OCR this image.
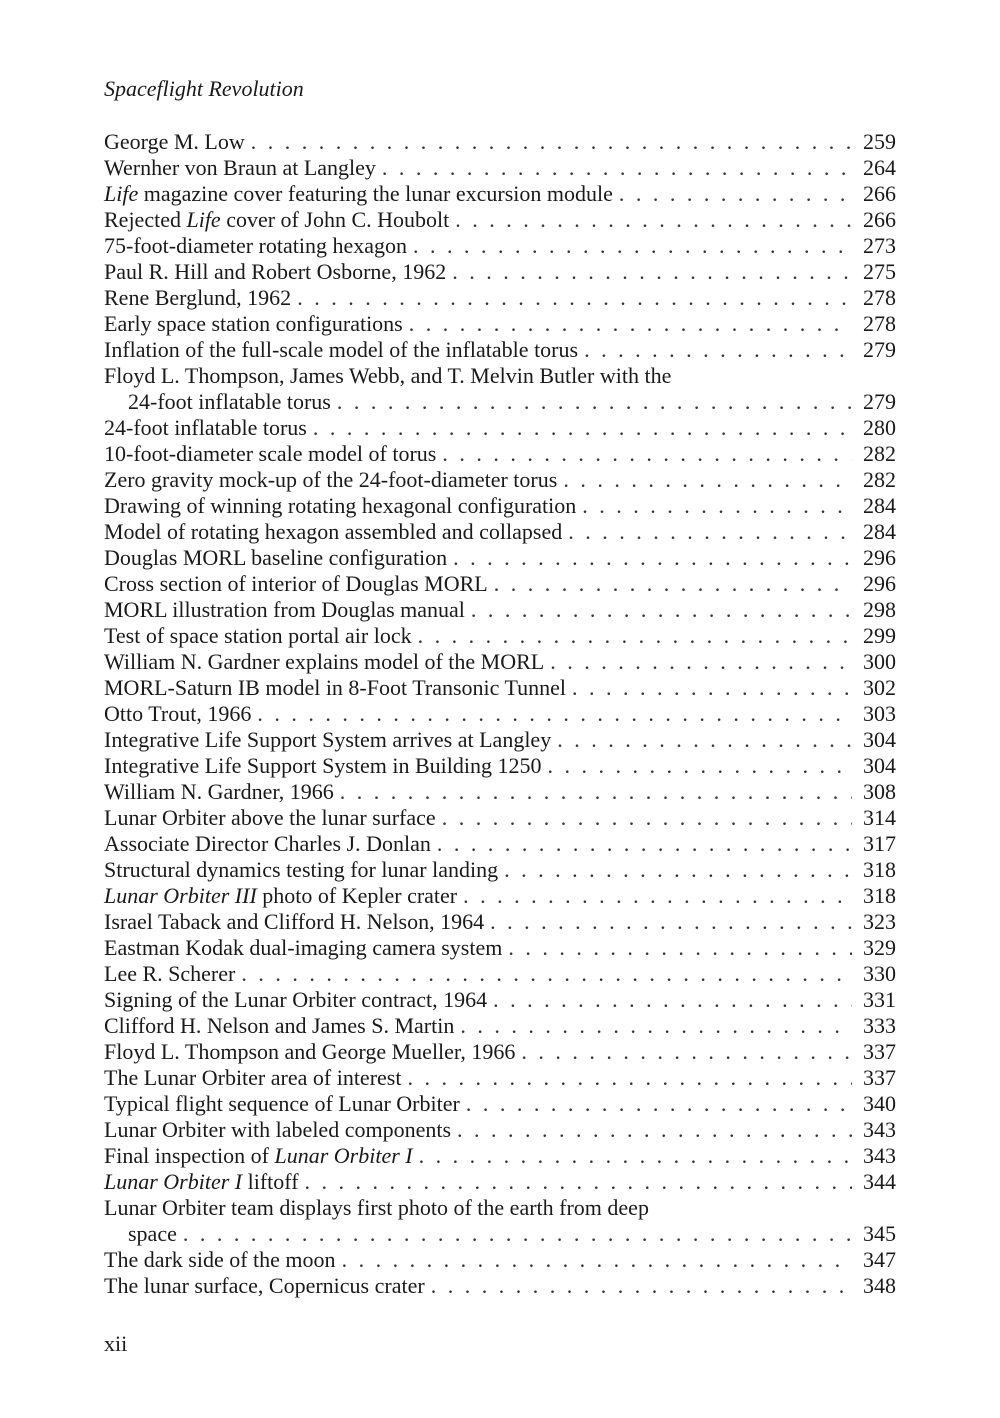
Spaceflight Revolution
George M. Low . . .	259
Wernher von Braun at Langley . . .	264
Life magazine cover featuring the lunar excursion module . . .	266
Rejected Life cover of John C. Houbolt . . .	266
75-foot-diameter rotating hexagon . . .	273
Paul R. Hill and Robert Osborne, 1962 . . .	275
Rene Berglund, 1962 . . .	278
Early space station configurations . . .	278
Inflation of the full-scale model of the inflatable torus . . .	279
Floyd L. Thompson, James Webb, and T. Melvin Butler with the
24-foot inflatable torus . . .	279
24-foot inflatable torus . . .	280
10-foot-diameter scale model of torus . . .	282
Zero gravity mock-up of the 24-foot-diameter torus . . .	282
Drawing of winning rotating hexagonal configuration . . .	284
Model of rotating hexagon assembled and collapsed . . .	284
Douglas MORL baseline configuration . . .	296
Cross section of interior of Douglas MORL . . .	296
MORL illustration from Douglas manual . . .	298
Test of space station portal air lock . . .	299
William N. Gardner explains model of the MORL . . .	300
MORL-Saturn IB model in 8-Foot Transonic Tunnel . . .	302
Otto Trout, 1966 . . .	303
Integrative Life Support System arrives at Langley . . .	304
Integrative Life Support System in Building 1250 . . .	304
William N. Gardner, 1966 . . .	308
Lunar Orbiter above the lunar surface . . .	314
Associate Director Charles J. Donlan . . .	317
Structural dynamics testing for lunar landing . . .	318
Lunar Orbiter III photo of Kepler crater . . .	318
Israel Taback and Clifford H. Nelson, 1964 . . .	323
Eastman Kodak dual-imaging camera system . . .	329
Lee R. Scherer . . .	330
Signing of the Lunar Orbiter contract, 1964 . . .	331
Clifford H. Nelson and James S. Martin . . .	333
Floyd L. Thompson and George Mueller, 1966 . . .	337
The Lunar Orbiter area of interest . . .	337
Typical flight sequence of Lunar Orbiter . . .	340
Lunar Orbiter with labeled components . . .	343
Final inspection of Lunar Orbiter I . . .	343
Lunar Orbiter I liftoff . . .	344
Lunar Orbiter team displays first photo of the earth from deep
space . . .	345
The dark side of the moon . . .	347
The lunar surface, Copernicus crater . . .	348

xii
